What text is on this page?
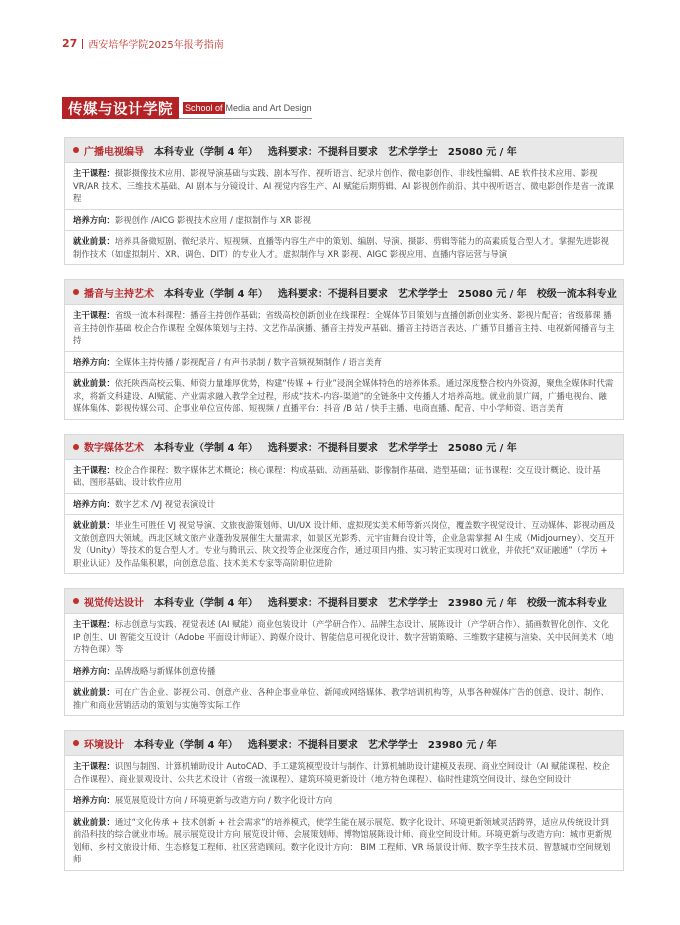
27 西安培华学院2025年报考指南
传媒与设计学院	School of Media and Art Design
广播电视编导 本科专业（学制 4 年） 选科要求：不提科目要求 艺术学学士 25080 元 / 年
主干课程：摄影摄像技术应用、影视导演基础与实践、剧本写作、视听语言、纪录片创作、微电影创作、非线性编辑、AE 软件技术应用、影视 VR/AR 技术、三维技术基础、AI 剧本与分镜设计、AI 视觉内容生产、AI 赋能后期剪辑、AI 影视创作前沿、其中视听语言、微电影创作是省一流课程
培养方向：影视创作 /AICG 影视技术应用 / 虚拟制作与 XR 影视
就业前景：培养具备微短剧、微纪录片、短视频、直播等内容生产中的策划、编剧、导演、摄影、剪辑等能力的高素质复合型人才。掌握先进影视制作技术（如虚拟制片、XR、调色、DIT）的专业人才。虚拟制作与 XR 影视、AIGC 影视应用、直播内容运营与导演
播音与主持艺术 本科专业（学制 4 年） 选科要求：不提科目要求 艺术学学士 25080 元 / 年 校级一流本科专业
主干课程：省级一流本科课程：播音主持创作基础；省级高校创新创业在线课程：全媒体节目策划与直播创新创业实务、影视片配音；省级慕课 播音主持创作基础 校企合作课程 全媒体策划与主持、文艺作品演播、播音主持发声基础、播音主持语言表达、广播节目播音主持、电视新闻播音与主持
培养方向：全媒体主持传播 / 影视配音 / 有声书录制 / 数字音频视频制作 / 语言美育
就业前景：依托陕西高校云集、师资力量雄厚优势，构建“传媒 + 行业”浸润全媒体特色的培养体系。通过深度整合校内外资源，聚焦全媒体时代需求，将新文科建设、AI赋能、产业需求融入教学全过程，形成“技术-内容-渠道”的全链条中文传播人才培养高地。就业前景广阔，广播电视台、融媒体集体、影视传媒公司、企事业单位宣传部、短视频 / 直播平台：抖音 /B 站 / 快手主播、电商直播、配音、中小学师资、语言美育
数字媒体艺术 本科专业（学制 4 年） 选科要求：不提科目要求 艺术学学士 25080 元 / 年
主干课程：校企合作课程：数字媒体艺术概论；核心课程：构成基础、动画基础、影像制作基础、造型基础；证书课程：交互设计概论、设计基础、图形基础、设计软件应用
培养方向：数字艺术 /VJ 视觉表演设计
就业前景：毕业生可胜任 VJ 视觉导演、文旅夜游策划师、UI/UX 设计师、虚拟现实美术师等新兴岗位，覆盖数字视觉设计、互动媒体、影视动画及文旅创意四大领域。西北区域文旅产业蓬勃发展催生大量需求，如景区光影秀、元宇宙舞台设计等，企业急需掌握 AI 生成（Midjourney）、交互开发（Unity）等技术的复合型人才。专业与腾讯云、陕文投等企业深度合作，通过项目内推、实习转正实现对口就业，并依托“双证融通”（学历 + 职业认证）及作品集积累，向创意总监、技术美术专家等高阶职位进阶
视觉传达设计 本科专业（学制 4 年） 选科要求：不提科目要求 艺术学学士 23980 元 / 年 校级一流本科专业
主干课程：标志创意与实践、视觉表述 (AI 赋能）商业包装设计（产学研合作）、品牌生态设计、展陈设计（产学研合作）、插画数智化创作、文化 IP 创生、UI 智能交互设计（Adobe 平面设计师证）、跨媒介设计、智能信息可视化设计、数字营销策略、三维数字建模与渲染、关中民间美术（地方特色课）等
培养方向：品牌战略与新媒体创意传播
就业前景：可在广告企业、影视公司、创意产业、各种企事业单位、新闻或网络媒体、教学培训机构等，从事各种媒体广告的创意、设计、制作、推广和商业营销活动的策划与实施等实际工作
环境设计 本科专业（学制 4 年） 选科要求：不提科目要求 艺术学学士 23980 元 / 年
主干课程：识图与制图、计算机辅助设计 AutoCAD、手工建筑模型设计与制作、计算机辅助设计建模及表现、商业空间设计（AI 赋能课程、校企合作课程）、商业景观设计、公共艺术设计（省级一流课程）、建筑环境更新设计（地方特色课程）、临时性建筑空间设计、绿色空间设计
培养方向：展览展览设计方向 / 环境更新与改造方向 / 数字化设计方向
就业前景：通过“文化传承 + 技术创新 + 社会需求”的培养模式，使学生能在展示展览、数字化设计、环境更新领域灵活跨界，适应从传统设计到前沿科技的综合就业市场。展示展览设计方向 展览设计师、会展策划师、博物馆展陈设计师、商业空间设计师。环境更新与改造方向：城市更新规划师、乡村文旅设计师、生态修复工程师、社区营造顾问。数字化设计方向： BIM 工程师、VR 场景设计师、数字孪生技术员、智慧城市空间规划师
